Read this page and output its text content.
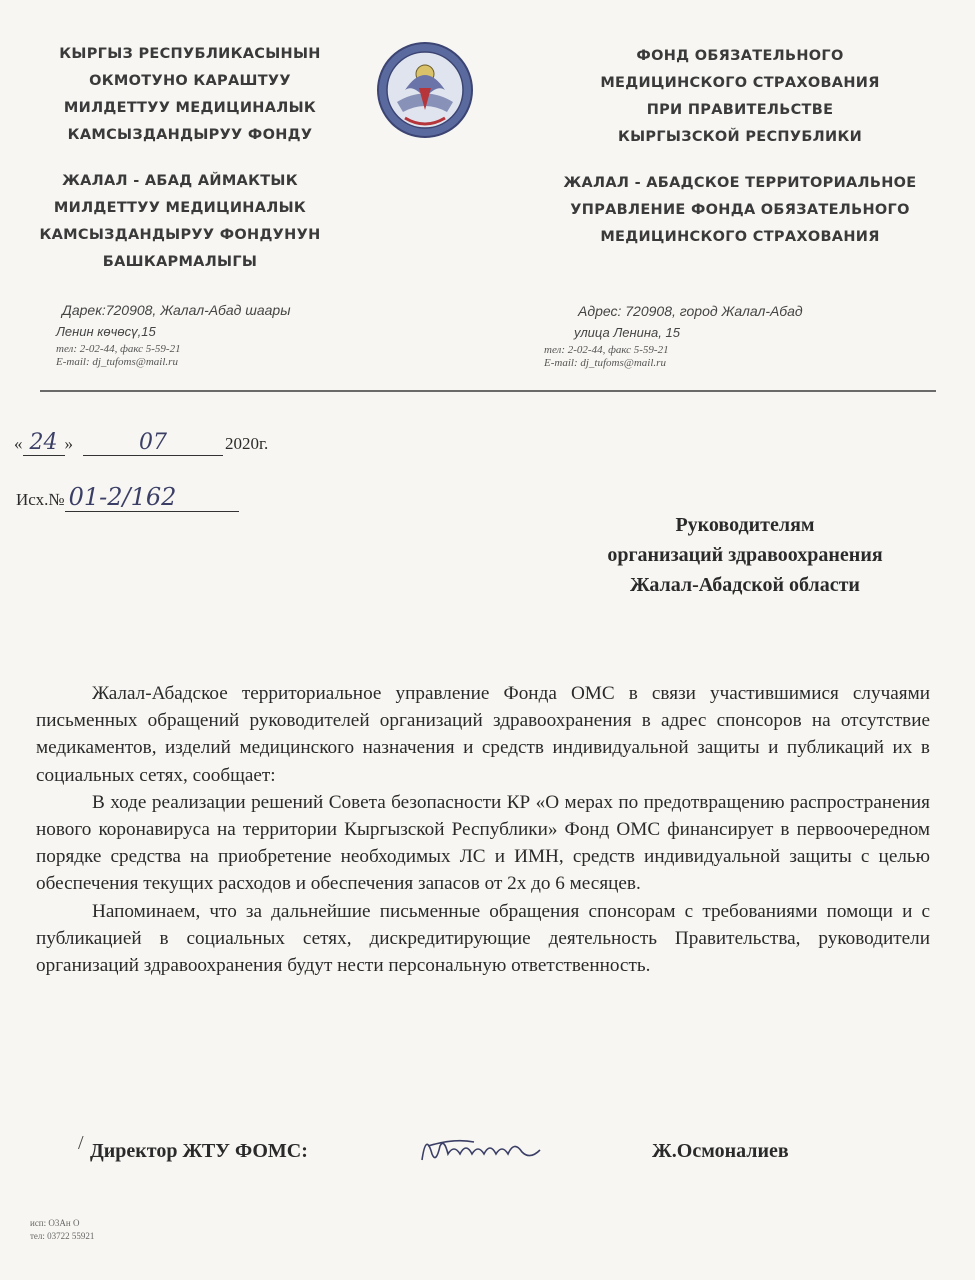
КЫРГЫЗ РЕСПУБЛИКАСЫНЫН
ОКМОТУНО КАРАШТУУ
МИЛДЕТТУУ МЕДИЦИНАЛЫК
КАМСЫЗДАНДЫРУУ ФОНДУ
ЖАЛАЛ - АБАД АЙМАКТЫК
МИЛДЕТТУУ МЕДИЦИНАЛЫК
КАМСЫЗДАНДЫРУУ ФОНДУНУН
БАШКАРМАЛЫГЫ
ФОНД ОБЯЗАТЕЛЬНОГО
МЕДИЦИНСКОГО СТРАХОВАНИЯ
ПРИ ПРАВИТЕЛЬСТВЕ
КЫРГЫЗСКОЙ РЕСПУБЛИКИ
ЖАЛАЛ - АБАДСКОЕ ТЕРРИТОРИАЛЬНОЕ
УПРАВЛЕНИЕ ФОНДА ОБЯЗАТЕЛЬНОГО
МЕДИЦИНСКОГО СТРАХОВАНИЯ
Дарек:720908, Жалал-Абад шаары
Ленин көчөсү,15
тел: 2-02-44, факс 5-59-21
E-mail: dj_tufoms@mail.ru
Адрес: 720908, город Жалал-Абад
улица Ленина, 15
тел: 2-02-44, факс 5-59-21
E-mail: dj_tufoms@mail.ru
« 24 »	07	2020г.
Исх.№ 01-2/162
Руководителям
организаций здравоохранения
Жалал-Абадской области

Жалал-Абадское территориальное управление Фонда ОМС в связи участившимися случаями письменных обращений руководителей организаций здравоохранения в адрес спонсоров на отсутствие медикаментов, изделий медицинского назначения и средств индивидуальной защиты и публикаций их в социальных сетях, сообщает:

В ходе реализации решений Совета безопасности КР «О мерах по предотвращению распространения нового коронавируса на территории Кыргызской Республики» Фонд ОМС финансирует в первоочередном порядке средства на приобретение необходимых ЛС и ИМН, средств индивидуальной защиты с целью обеспечения текущих расходов и обеспечения запасов от 2х до 6 месяцев.

Напоминаем, что за дальнейшие письменные обращения спонсорам с требованиями помощи и с публикацией в социальных сетях, дискредитирующие деятельность Правительства, руководители организаций здравоохранения будут нести персональную ответственность.

/ Директор ЖТУ ФОМС:	Ж.Осмоналиев
исп: О3Ан О
тел: 03722 55921
